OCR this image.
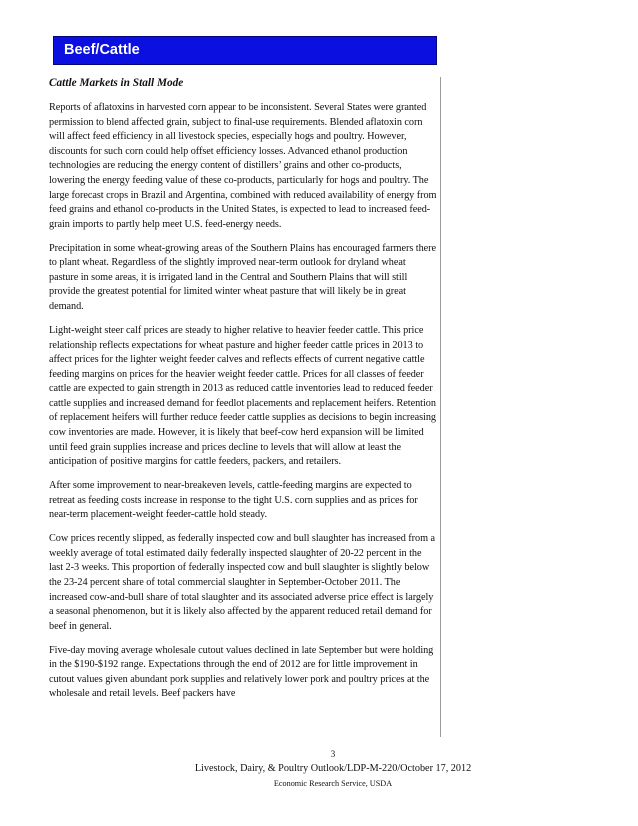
Beef/Cattle
Cattle Markets in Stall Mode

Reports of aflatoxins in harvested corn appear to be inconsistent. Several States were granted permission to blend affected grain, subject to final-use requirements. Blended aflatoxin corn will affect feed efficiency in all livestock species, especially hogs and poultry. However, discounts for such corn could help offset efficiency losses. Advanced ethanol production technologies are reducing the energy content of distillers’ grains and other co-products, lowering the energy feeding value of these co-products, particularly for hogs and poultry. The large forecast crops in Brazil and Argentina, combined with reduced availability of energy from feed grains and ethanol co-products in the United States, is expected to lead to increased feed-grain imports to partly help meet U.S. feed-energy needs.

Precipitation in some wheat-growing areas of the Southern Plains has encouraged farmers there to plant wheat. Regardless of the slightly improved near-term outlook for dryland wheat pasture in some areas, it is irrigated land in the Central and Southern Plains that will still provide the greatest potential for limited winter wheat pasture that will likely be in great demand.

Light-weight steer calf prices are steady to higher relative to heavier feeder cattle. This price relationship reflects expectations for wheat pasture and higher feeder cattle prices in 2013 to affect prices for the lighter weight feeder calves and reflects effects of current negative cattle feeding margins on prices for the heavier weight feeder cattle. Prices for all classes of feeder cattle are expected to gain strength in 2013 as reduced cattle inventories lead to reduced feeder cattle supplies and increased demand for feedlot placements and replacement heifers. Retention of replacement heifers will further reduce feeder cattle supplies as decisions to begin increasing cow inventories are made. However, it is likely that beef-cow herd expansion will be limited until feed grain supplies increase and prices decline to levels that will allow at least the anticipation of positive margins for cattle feeders, packers, and retailers.

After some improvement to near-breakeven levels, cattle-feeding margins are expected to retreat as feeding costs increase in response to the tight U.S. corn supplies and as prices for near-term placement-weight feeder-cattle hold steady.

Cow prices recently slipped, as federally inspected cow and bull slaughter has increased from a weekly average of total estimated daily federally inspected slaughter of 20-22 percent in the last 2-3 weeks. This proportion of federally inspected cow and bull slaughter is slightly below the 23-24 percent share of total commercial slaughter in September-October 2011. The increased cow-and-bull share of total slaughter and its associated adverse price effect is largely a seasonal phenomenon, but it is likely also affected by the apparent reduced retail demand for beef in general.

Five-day moving average wholesale cutout values declined in late September but were holding in the $190-$192 range. Expectations through the end of 2012 are for little improvement in cutout values given abundant pork supplies and relatively lower pork and poultry prices at the wholesale and retail levels. Beef packers have

3
Livestock, Dairy, & Poultry Outlook/LDP-M-220/October 17, 2012
Economic Research Service, USDA
